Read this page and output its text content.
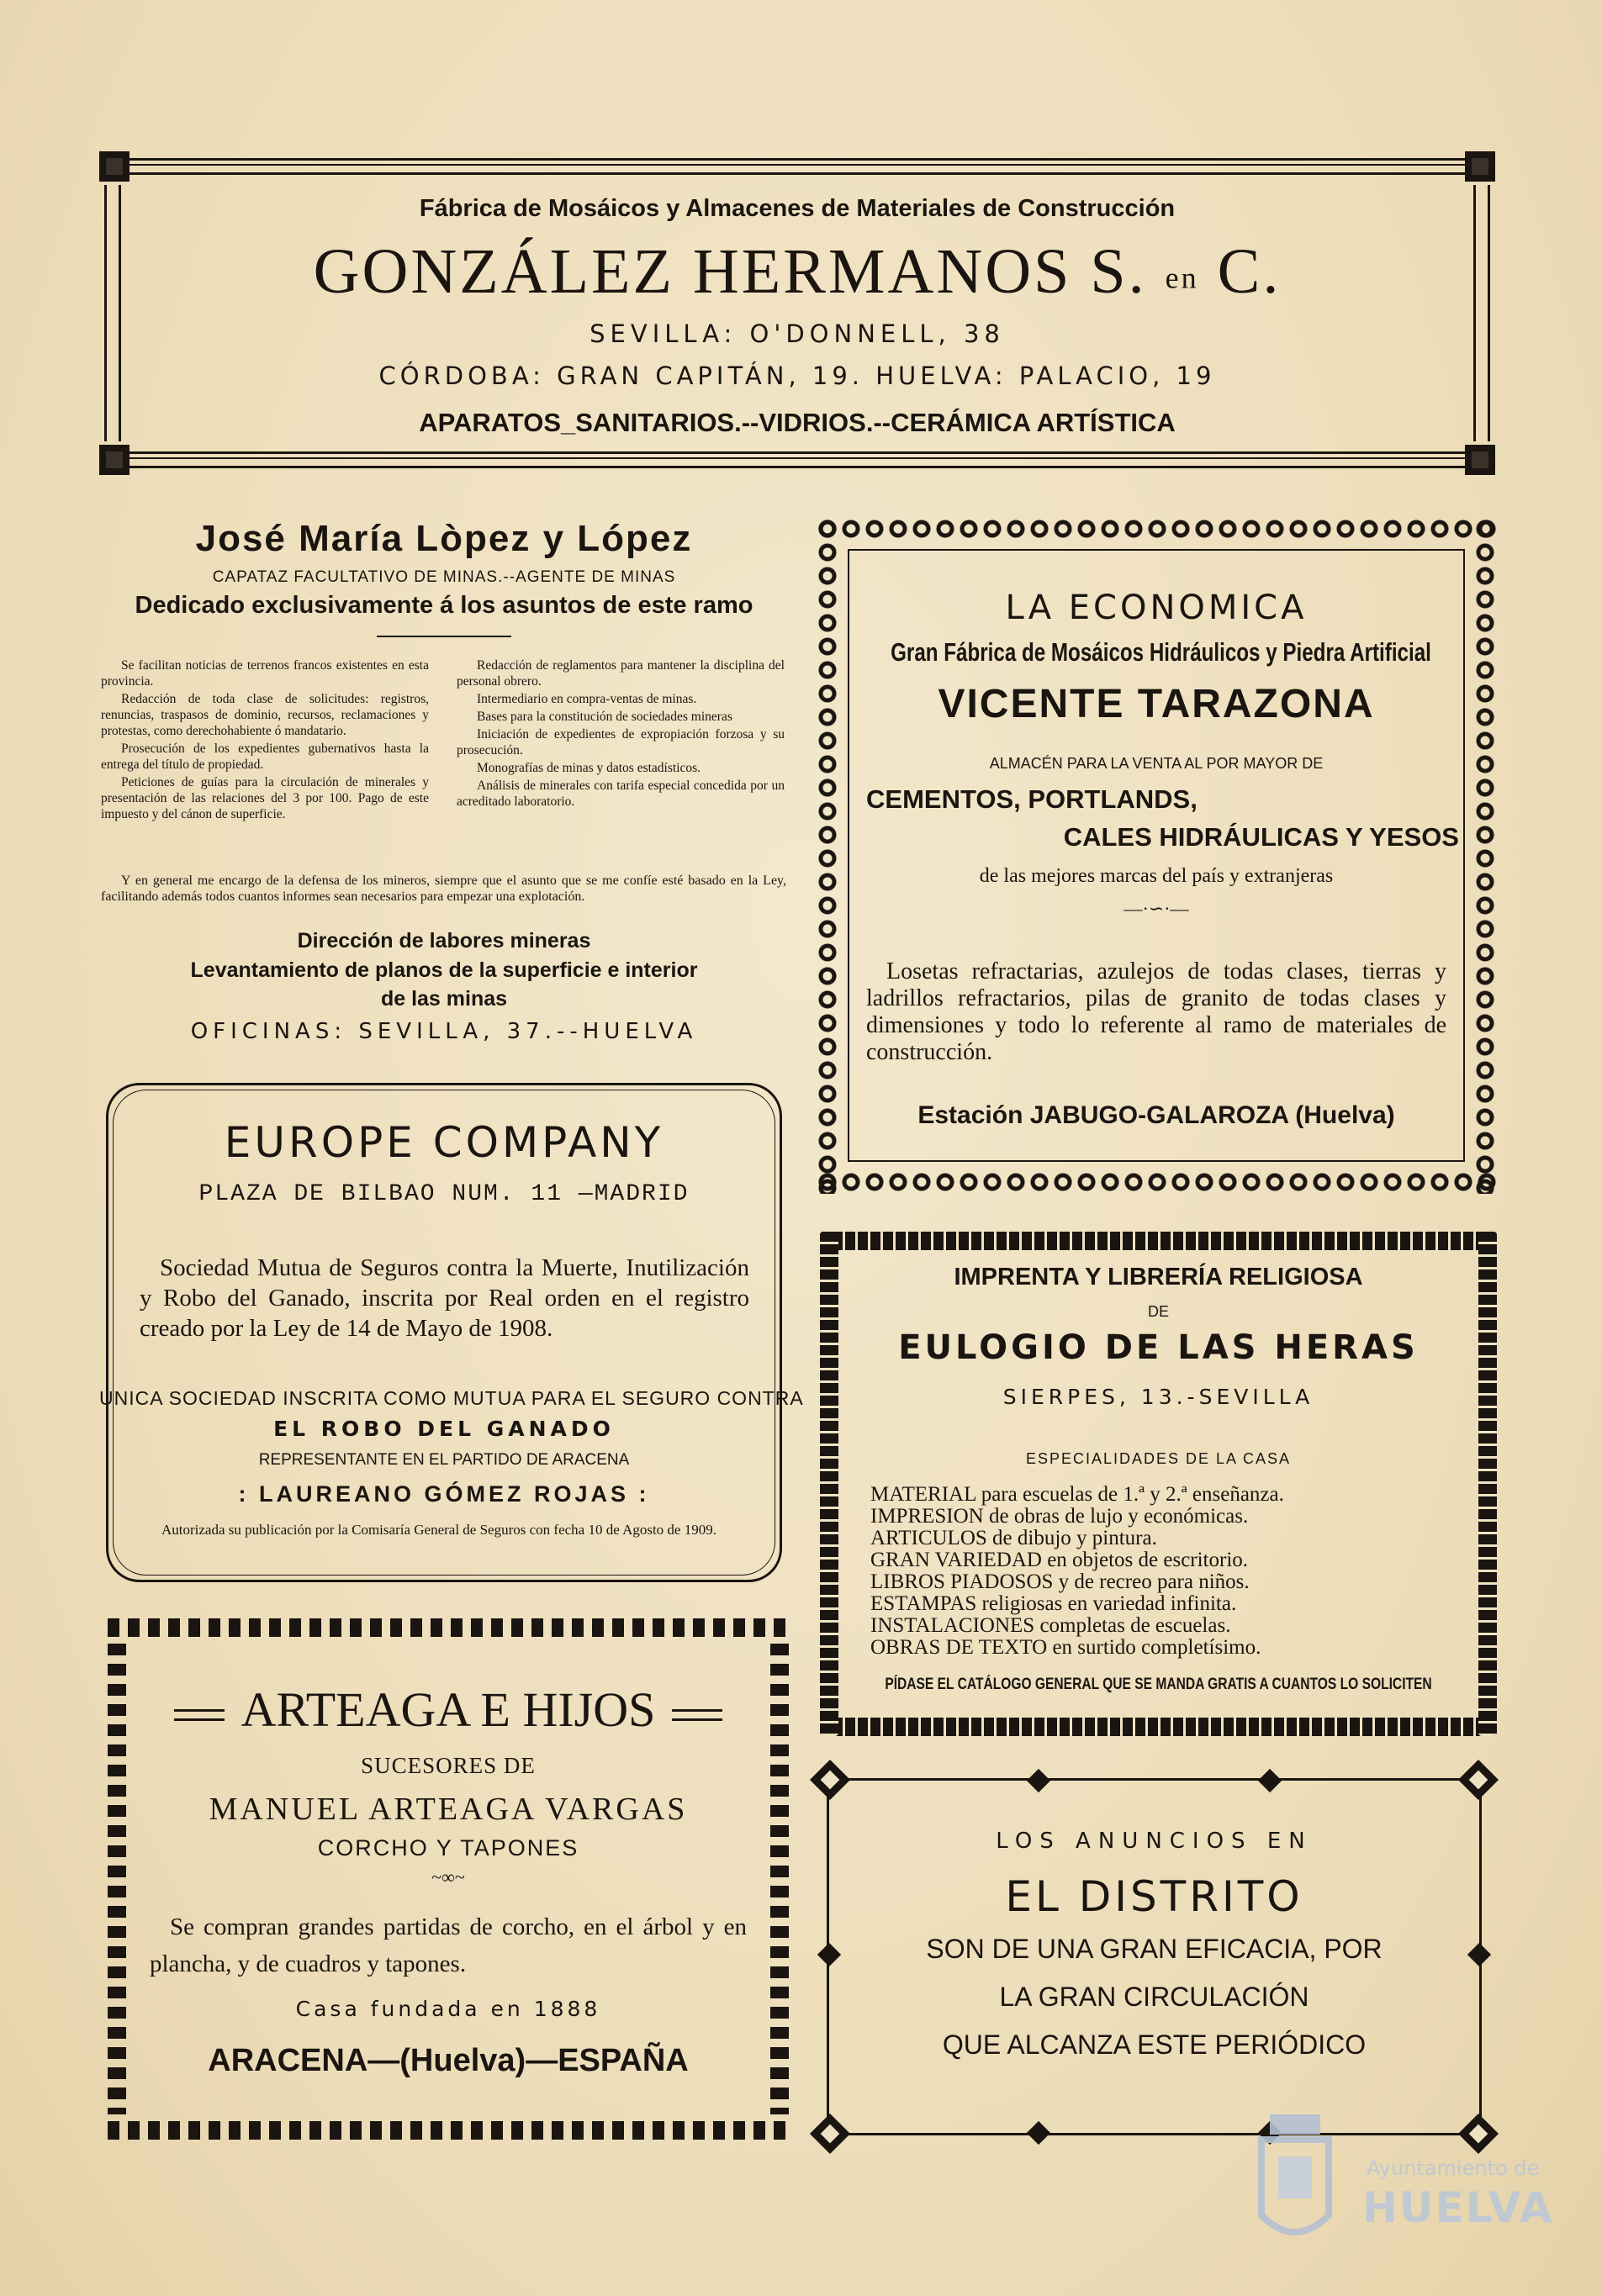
Fábrica de Mosáicos y Almacenes de Materiales de Construcción
GONZÁLEZ HERMANOS S. en C.
SEVILLA: O'DONNELL, 38
CÓRDOBA: GRAN CAPITÁN, 19. HUELVA: PALACIO, 19
APARATOS_SANITARIOS.--VIDRIOS.--CERÁMICA ARTÍSTICA
José María Lòpez y López
CAPATAZ FACULTATIVO DE MINAS.--AGENTE DE MINAS
Dedicado exclusivamente á los asuntos de este ramo

Se facilitan noticias de terrenos francos existentes en esta provincia.

Redacción de toda clase de solicitudes: registros, renuncias, traspasos de dominio, recursos, reclamaciones y protestas, como derechohabiente ó mandatario.

Prosecución de los expedientes gubernativos hasta la entrega del título de propiedad.

Peticiones de guías para la circulación de minerales y presentación de las relaciones del 3 por 100. Pago de este impuesto y del cánon de superficie.

Redacción de reglamentos para mantener la disciplina del personal obrero.

Intermediario en compra-ventas de minas.

Bases para la constitución de sociedades mineras

Iniciación de expedientes de expropiación forzosa y su prosecución.

Monografías de minas y datos estadísticos.

Análisis de minerales con tarifa especial concedida por un acreditado laboratorio.

Y en general me encargo de la defensa de los mineros, siempre que el asunto que se me confíe esté basado en la Ley, facilitando además todos cuantos informes sean necesarios para empezar una explotación.

Dirección de labores mineras
Levantamiento de planos de la superficie e interior
de las minas
OFICINAS: SEVILLA, 37.--HUELVA
EUROPE COMPANY
PLAZA DE BILBAO NUM. 11 —MADRID

Sociedad Mutua de Seguros contra la Muerte, Inutilización y Robo del Ganado, inscrita por Real orden en el registro creado por la Ley de 14 de Mayo de 1908.

UNICA SOCIEDAD INSCRITA COMO MUTUA PARA EL SEGURO CONTRA
EL ROBO DEL GANADO
REPRESENTANTE EN EL PARTIDO DE ARACENA
: LAUREANO GÓMEZ ROJAS :

Autorizada su publicación por la Comisaría General de Seguros con fecha 10 de Agosto de 1909.

ARTEAGA E HIJOS
SUCESORES DE
MANUEL ARTEAGA VARGAS
CORCHO Y TAPONES
~∞~

Se compran grandes partidas de corcho, en el árbol y en plancha, y de cuadros y tapones.

Casa fundada en 1888
ARACENA—(Huelva)—ESPAÑA
LA ECONOMICA
Gran Fábrica de Mosáicos Hidráulicos y Piedra Artificial
VICENTE TARAZONA
ALMACÉN PARA LA VENTA AL POR MAYOR DE
CEMENTOS, PORTLANDS,
CALES HIDRÁULICAS Y YESOS
de las mejores marcas del país y extranjeras
—·∽·—

Losetas refractarias, azulejos de todas clases, tierras y ladrillos refractarios, pilas de granito de todas clases y dimensiones y todo lo referente al ramo de materiales de construcción.

Estación JABUGO-GALAROZA (Huelva)
IMPRENTA Y LIBRERÍA RELIGIOSA
DE
EULOGIO DE LAS HERAS
SIERPES, 13.-SEVILLA
ESPECIALIDADES DE LA CASA
MATERIAL para escuelas de 1.ª y 2.ª enseñanza.
IMPRESION de obras de lujo y económicas.
ARTICULOS de dibujo y pintura.
GRAN VARIEDAD en objetos de escritorio.
LIBROS PIADOSOS y de recreo para niños.
ESTAMPAS religiosas en variedad infinita.
INSTALACIONES completas de escuelas.
OBRAS DE TEXTO en surtido completísimo.
PÍDASE EL CATÁLOGO GENERAL QUE SE MANDA GRATIS A CUANTOS LO SOLICITEN
LOS ANUNCIOS EN
EL DISTRITO
SON DE UNA GRAN EFICACIA, POR
LA GRAN CIRCULACIÓN
QUE ALCANZA ESTE PERIÓDICO
Ayuntamiento de
HUELVA
